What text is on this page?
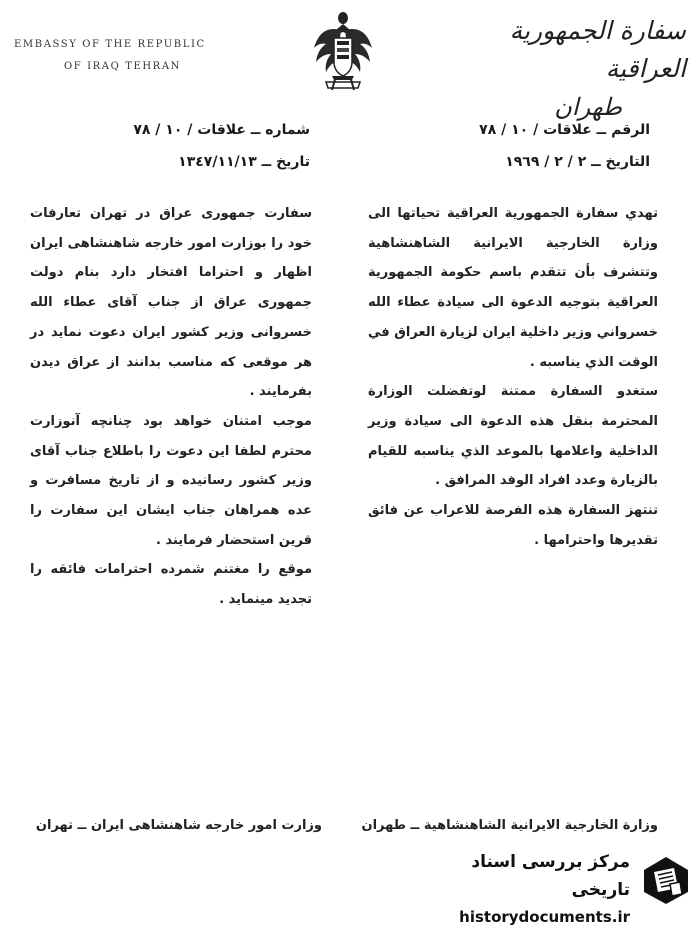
EMBASSY OF THE REPUBLIC
OF IRAQ TEHRAN
سفارة الجمهورية العراقية
طهران
الرقم ــ علاقات / ١٠ / ٧٨
التاريخ ــ ٢ / ٢ / ١٩٦٩
شماره ــ علاقات / ١٠ / ٧٨
تاريخ ــ ١٣٤٧/١١/١٣

تهدي سفارة الجمهورية العراقية تحياتها الى وزارة الخارجية الايرانية الشاهنشاهية وتتشرف بأن تتقدم باسم حكومة الجمهورية العراقية بتوجيه الدعوة الى سيادة عطاء الله خسرواني وزير داخلية ايران لزيارة العراق في الوقت الذي يناسبه .

ستغدو السفارة ممتنة لوتفضلت الوزارة المحترمة بنقل هذه الدعوة الى سيادة وزير الداخلية واعلامها بالموعد الذي يناسبه للقيام بالزيارة وعدد افراد الوفد المرافق .

تنتهز السفارة هذه الفرصة للاعراب عن فائق تقديرها واحترامها .

سفارت جمهوری عراق در تهران تعارفات خود را بوزارت امور خارجه شاهنشاهی ایران اظهار و احتراما افتخار دارد بنام دولت جمهوری عراق از جناب آقای عطاء الله خسروانی وزیر کشور ایران دعوت نماید در هر موقعی که مناسب بدانند از عراق دیدن بفرمایند .

موجب امتنان خواهد بود چنانچه آنوزارت محترم لطفا این دعوت را باطلاع جناب آقای وزیر کشور رسانیده و از تاریخ مسافرت و عده همراهان جناب ایشان این سفارت را قرین استحضار فرمایند .

موقع را مغتنم شمرده احترامات فائقه را تجدید مینماید .

وزارة الخارجية الايرانية الشاهنشاهية ــ طهران
وزارت امور خارجه شاهنشاهی ایران ــ تهران
مرکز بررسی اسناد تاریخی
historydocuments.ir
